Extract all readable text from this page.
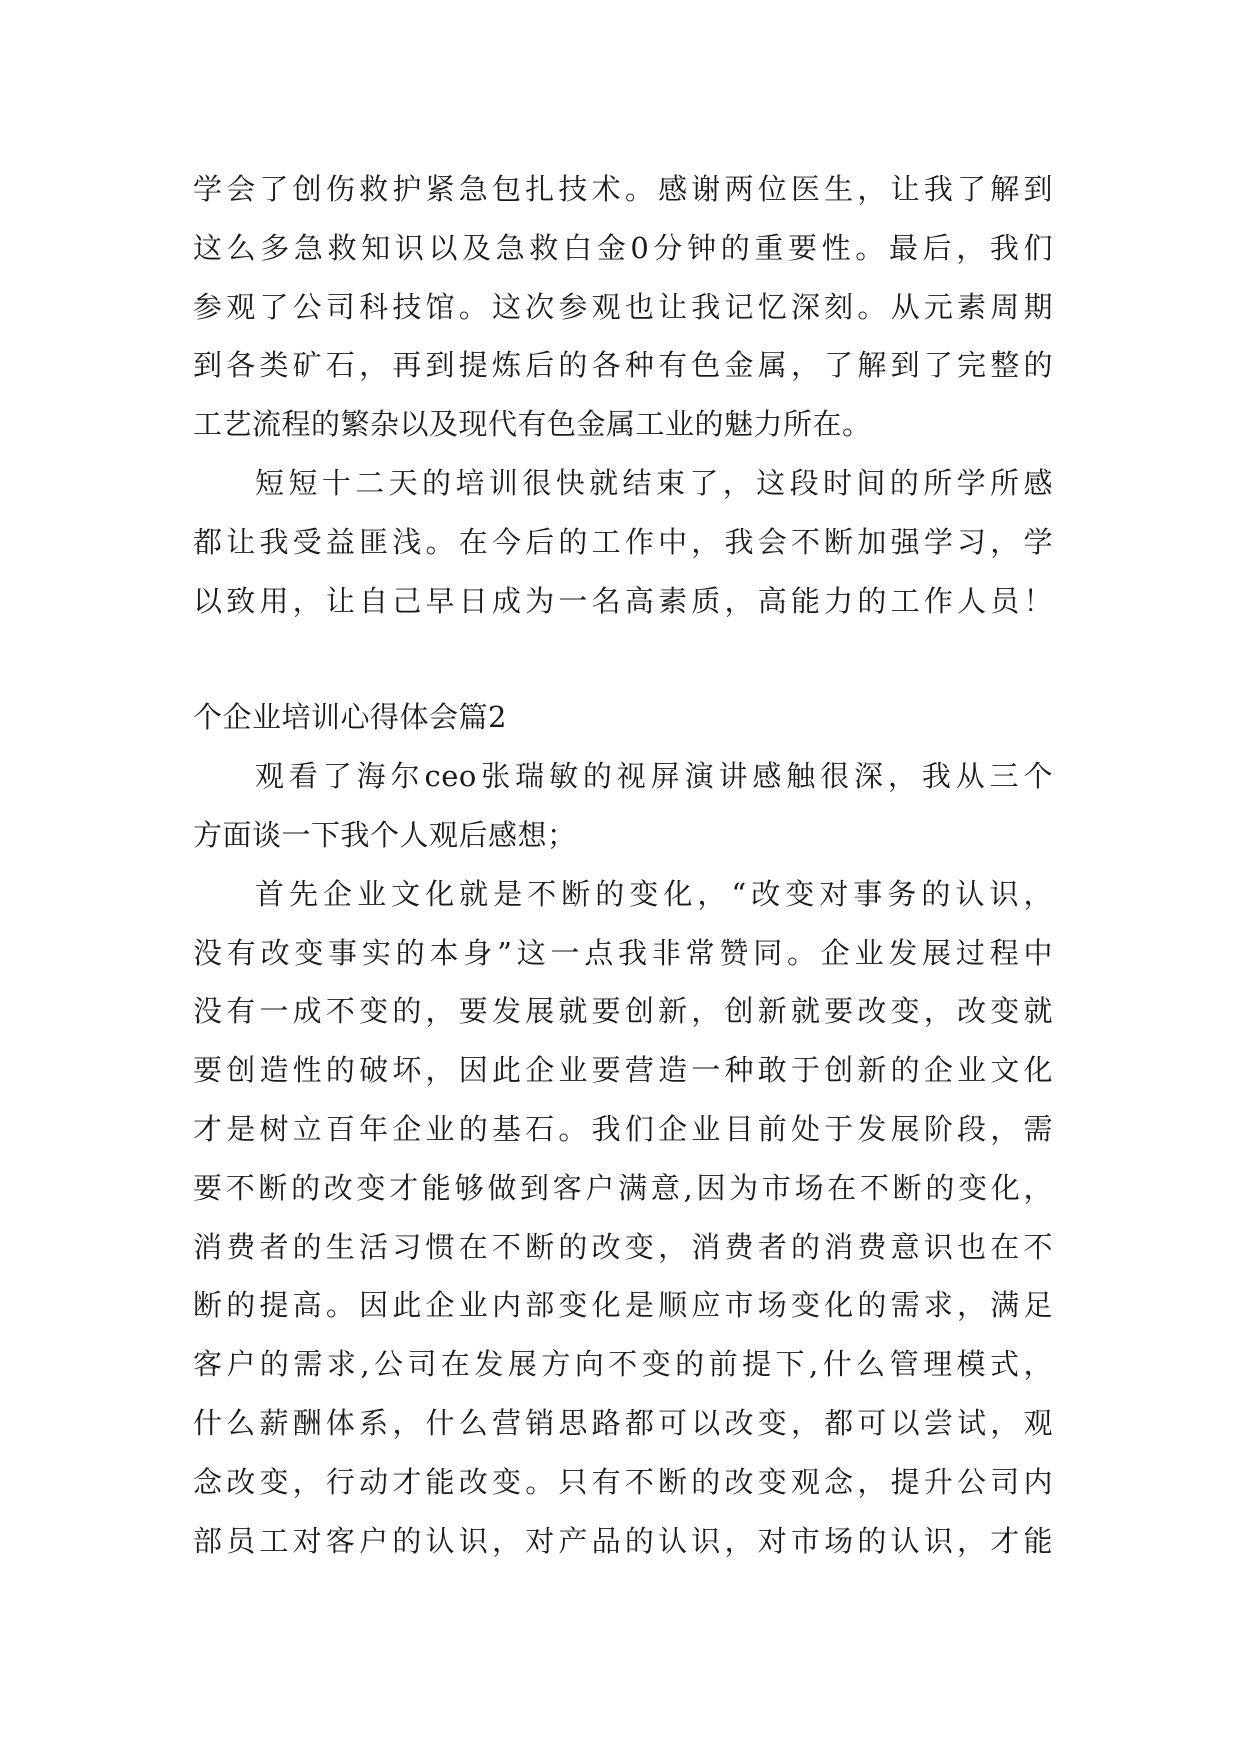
学会了创伤救护紧急包扎技术。感谢两位医生，让我了解到
这么多急救知识以及急救白金0分钟的重要性。最后，我们
参观了公司科技馆。这次参观也让我记忆深刻。从元素周期
到各类矿石，再到提炼后的各种有色金属，了解到了完整的
工艺流程的繁杂以及现代有色金属工业的魅力所在。
短短十二天的培训很快就结束了，这段时间的所学所感
都让我受益匪浅。在今后的工作中，我会不断加强学习，学
以致用，让自己早日成为一名高素质，高能力的工作人员！
个企业培训心得体会篇2
观看了海尔ceo张瑞敏的视屏演讲感触很深，我从三个
方面谈一下我个人观后感想；
首先企业文化就是不断的变化，“改变对事务的认识，
没有改变事实的本身”这一点我非常赞同。企业发展过程中
没有一成不变的，要发展就要创新，创新就要改变，改变就
要创造性的破坏，因此企业要营造一种敢于创新的企业文化
才是树立百年企业的基石。我们企业目前处于发展阶段，需
要不断的改变才能够做到客户满意,因为市场在不断的变化，
消费者的生活习惯在不断的改变，消费者的消费意识也在不
断的提高。因此企业内部变化是顺应市场变化的需求，满足
客户的需求,公司在发展方向不变的前提下,什么管理模式，
什么薪酬体系，什么营销思路都可以改变，都可以尝试，观
念改变，行动才能改变。只有不断的改变观念，提升公司内
部员工对客户的认识，对产品的认识，对市场的认识，才能
